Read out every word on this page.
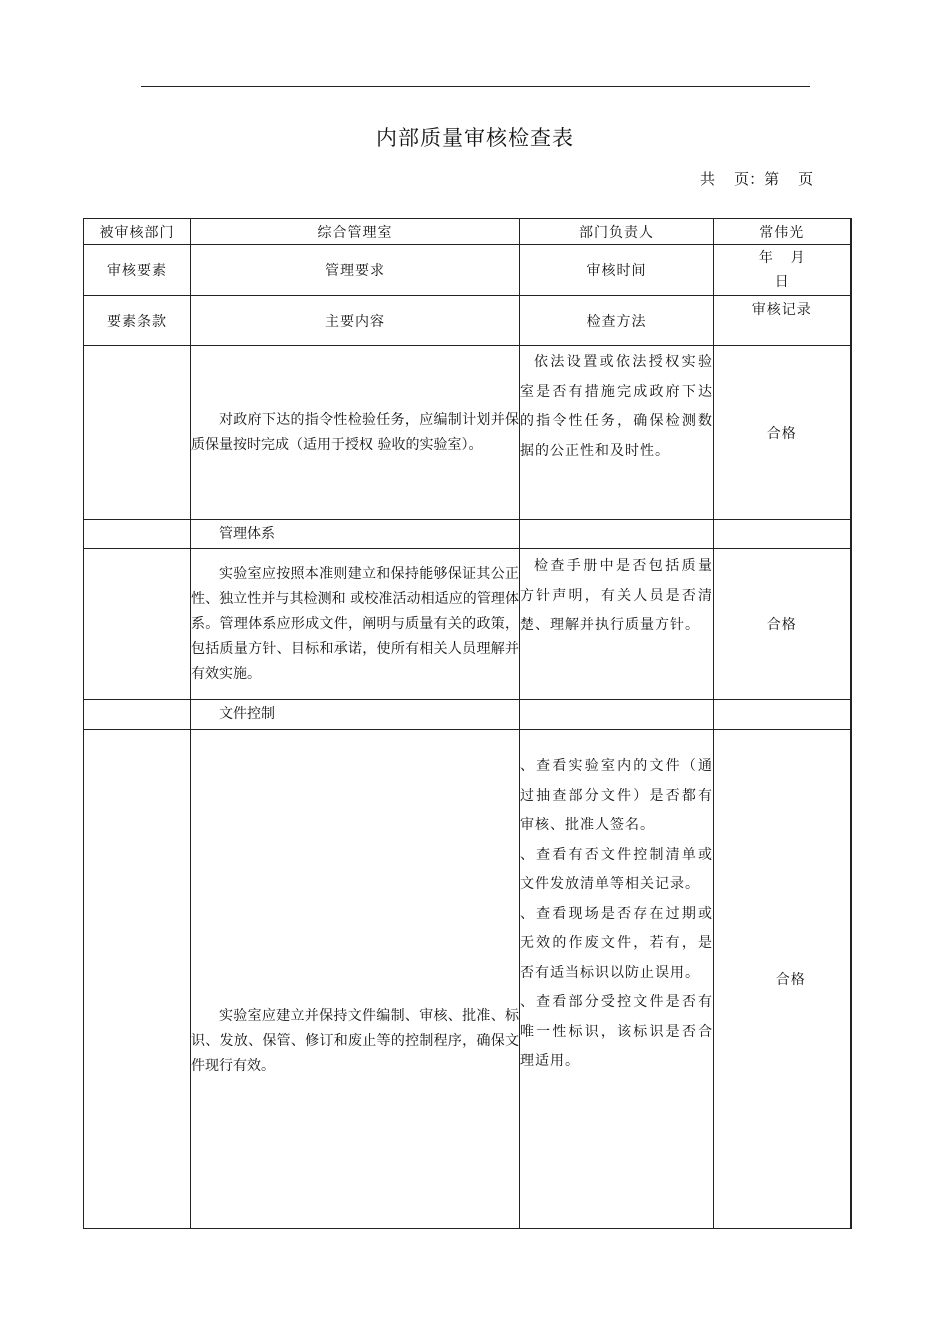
内部质量审核检查表
共    页：第    页
被审核部门	综合管理室	部门负责人	常伟光
审核要素	管理要求	审核时间	年    月
日

要素条款	主要内容	检查方法	审核记录
	对政府下达的指令性检验任务，应编制计划并保质保量按时完成（适用于授权 验收的实验室）。	依法设置或依法授权实验室是否有措施完成政府下达的指令性任务，确保检测数据的公正性和及时性。	合格
	管理体系		
	实验室应按照本准则建立和保持能够保证其公正性、独立性并与其检测和 或校准活动相适应的管理体系。管理体系应形成文件，阐明与质量有关的政策，包括质量方针、目标和承诺，使所有相关人员理解并有效实施。	检查手册中是否包括质量方针声明，有关人员是否清楚、理解并执行质量方针。	合格
	文件控制		
	实验室应建立并保持文件编制、审核、批准、标识、发放、保管、修订和废止等的控制程序，确保文件现行有效。	、查看实验室内的文件（通过抽查部分文件）是否都有审核、批准人签名。

、查看有否文件控制清单或文件发放清单等相关记录。

、查看现场是否存在过期或无效的作废文件，若有，是否有适当标识以防止误用。

、查看部分受控文件是否有唯一性标识，该标识是否合理适用。	合格
